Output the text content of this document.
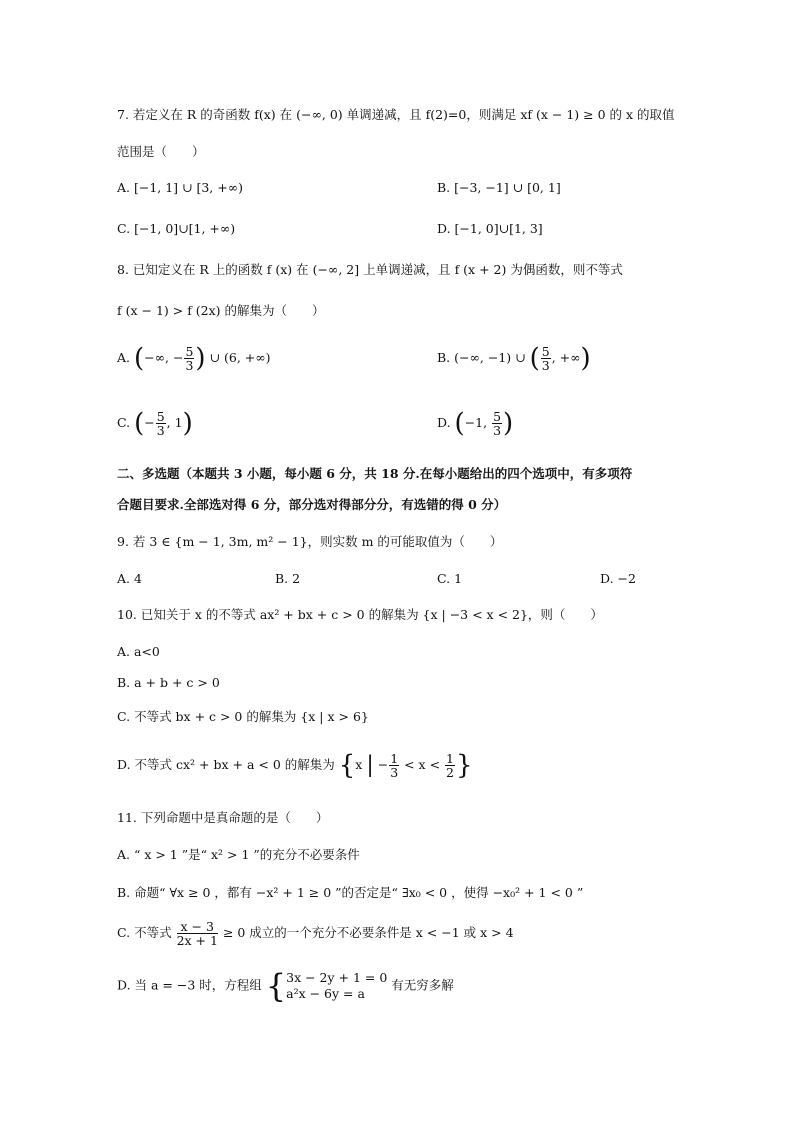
7. 若定义在 R 的奇函数 f(x) 在 (−∞, 0) 单调递减，且 f(2)=0，则满足 xf (x − 1) ≥ 0 的 x 的取值
范围是（　　）
A. [−1, 1] ∪ [3, +∞)	B. [−3, −1] ∪ [0, 1]
C. [−1, 0]∪[1, +∞)	D. [−1, 0]∪[1, 3]
8. 已知定义在 R 上的函数 f (x) 在 (−∞, 2] 上单调递减，且 f (x + 2) 为偶函数，则不等式
f (x − 1) > f (2x) 的解集为（　　）
A. (−∞, − $\frac{5}{3}$ ) ∪ (6, +∞)	B. (−∞, −1) ∪ ( $\frac{5}{3}$ , +∞)
C. (− $\frac{5}{3}$ , 1)	D. (−1, $\frac{5}{3}$ )
二、多选题（本题共 3 小题，每小题 6 分，共 18 分.在每小题给出的四个选项中，有多项符
合题目要求.全部选对得 6 分，部分选对得部分分，有选错的得 0 分）
9. 若 3 ∈ {m − 1, 3m, m² − 1}，则实数 m 的可能取值为（　　）
A. 4	B. 2	C. 1	D. −2
10. 已知关于 x 的不等式 ax² + bx + c > 0 的解集为 {x | −3 < x < 2}，则（　　）
A. a<0
B. a + b + c > 0
C. 不等式 bx + c > 0 的解集为 {x | x > 6}
D. 不等式 cx² + bx + a < 0 的解集为 {x | − $\frac{1}{3} < x < \frac{1}{2}$ }
11. 下列命题中是真命题的是（　　）
A. “ x > 1 ”是“ x² > 1 ”的充分不必要条件
B. 命题“ ∀x ≥ 0 ，都有 −x² + 1 ≥ 0 ”的否定是“ ∃x₀ < 0 ，使得 −x₀² + 1 < 0 ”
C. 不等式 $\frac{x - 3}{2x + 1} \ge 0$ 成立的一个充分不必要条件是 x < −1 或 x > 4
D. 当 a = −3 时，方程组 { 3x − 2y + 1 = 0
a²x − 6y = a
有无穷多解
